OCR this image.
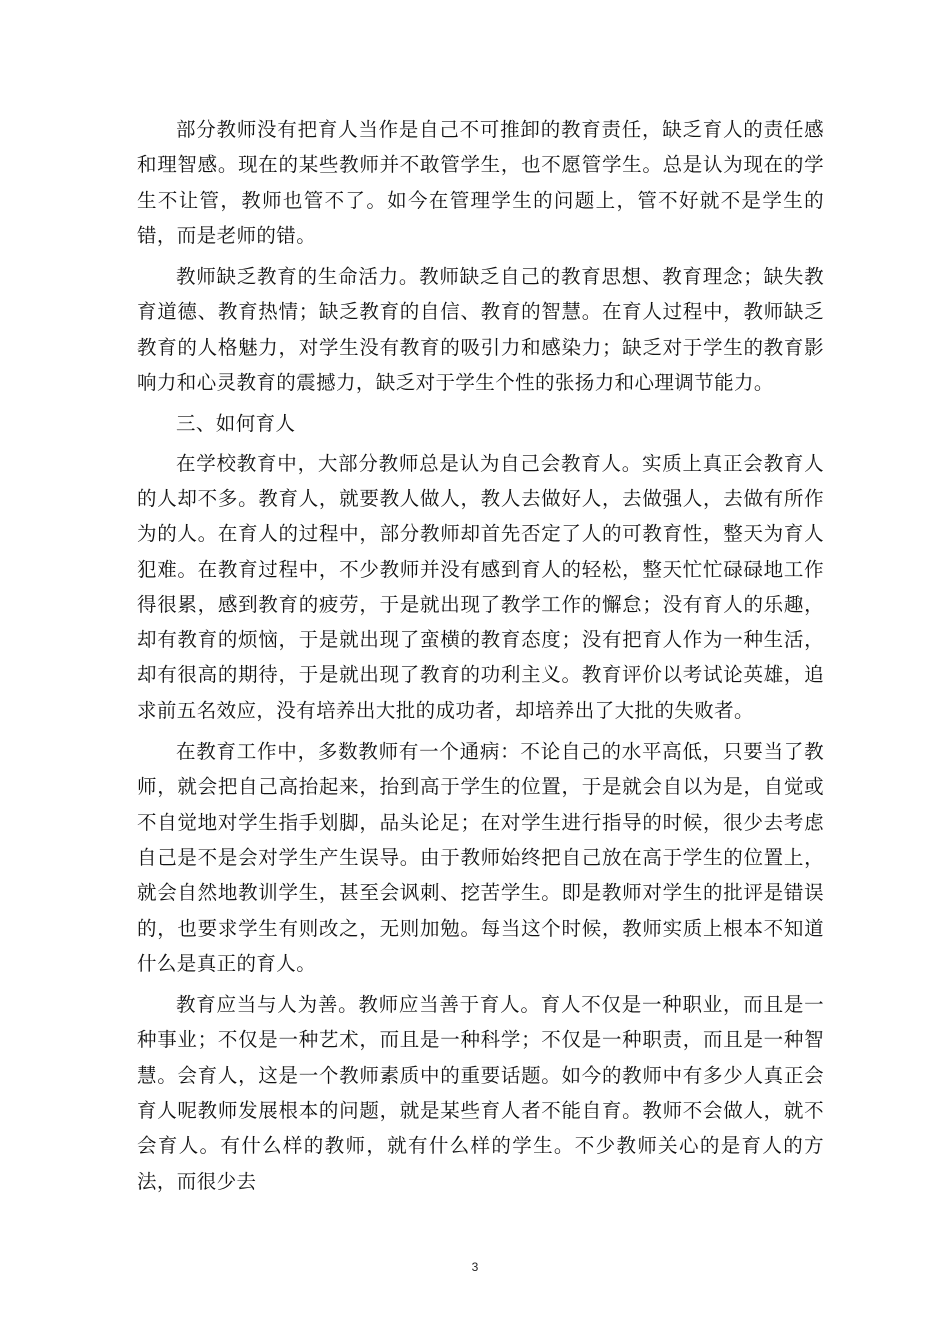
部分教师没有把育人当作是自己不可推卸的教育责任，缺乏育人的责任感和理智感。现在的某些教师并不敢管学生，也不愿管学生。总是认为现在的学生不让管，教师也管不了。如今在管理学生的问题上，管不好就不是学生的错，而是老师的错。

教师缺乏教育的生命活力。教师缺乏自己的教育思想、教育理念；缺失教育道德、教育热情；缺乏教育的自信、教育的智慧。在育人过程中，教师缺乏教育的人格魅力，对学生没有教育的吸引力和感染力；缺乏对于学生的教育影响力和心灵教育的震撼力，缺乏对于学生个性的张扬力和心理调节能力。

三、如何育人

在学校教育中，大部分教师总是认为自己会教育人。实质上真正会教育人的人却不多。教育人，就要教人做人，教人去做好人，去做强人，去做有所作为的人。在育人的过程中，部分教师却首先否定了人的可教育性，整天为育人犯难。在教育过程中，不少教师并没有感到育人的轻松，整天忙忙碌碌地工作得很累，感到教育的疲劳，于是就出现了教学工作的懈怠；没有育人的乐趣，却有教育的烦恼，于是就出现了蛮横的教育态度；没有把育人作为一种生活，却有很高的期待，于是就出现了教育的功利主义。教育评价以考试论英雄，追求前五名效应，没有培养出大批的成功者，却培养出了大批的失败者。

在教育工作中，多数教师有一个通病：不论自己的水平高低，只要当了教师，就会把自己高抬起来，抬到高于学生的位置，于是就会自以为是，自觉或不自觉地对学生指手划脚，品头论足；在对学生进行指导的时候，很少去考虑自己是不是会对学生产生误导。由于教师始终把自己放在高于学生的位置上，就会自然地教训学生，甚至会讽刺、挖苦学生。即是教师对学生的批评是错误的，也要求学生有则改之，无则加勉。每当这个时候，教师实质上根本不知道什么是真正的育人。

教育应当与人为善。教师应当善于育人。育人不仅是一种职业，而且是一种事业；不仅是一种艺术，而且是一种科学；不仅是一种职责，而且是一种智慧。会育人，这是一个教师素质中的重要话题。如今的教师中有多少人真正会育人呢教师发展根本的问题，就是某些育人者不能自育。教师不会做人，就不会育人。有什么样的教师，就有什么样的学生。不少教师关心的是育人的方法，而很少去

3
